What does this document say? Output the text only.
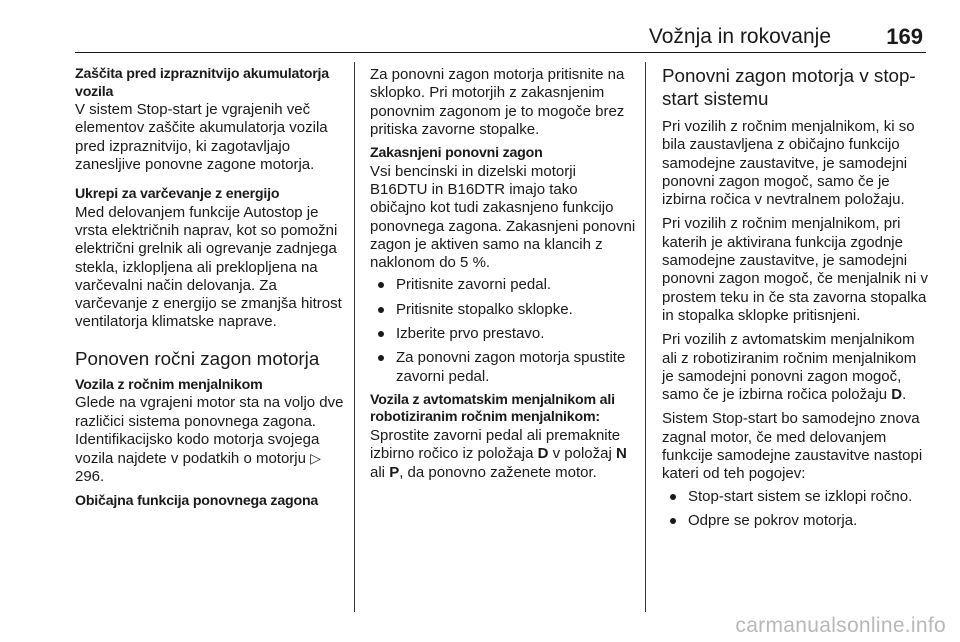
Vožnja in rokovanje	169
Zaščita pred izpraznitvijo akumulatorja vozila

V sistem Stop-start je vgrajenih več elementov zaščite akumulatorja vozila pred izpraznitvijo, ki zagotavljajo zanesljive ponovne zagone motorja.

Ukrepi za varčevanje z energijo

Med delovanjem funkcije Autostop je vrsta električnih naprav, kot so pomožni električni grelnik ali ogrevanje zadnjega stekla, izklopljena ali preklopljena na varčevalni način delovanja. Za varčevanje z energijo se zmanjša hitrost ventilatorja klimatske naprave.

Ponoven ročni zagon motorja
Vozila z ročnim menjalnikom

Glede na vgrajeni motor sta na voljo dve različici sistema ponovnega zagona. Identifikacijsko kodo motorja svojega vozila najdete v podatkih o motorju ▷ 296.

Običajna funkcija ponovnega zagona

Za ponovni zagon motorja pritisnite na sklopko. Pri motorjih z zakasnjenim ponovnim zagonom je to mogoče brez pritiska zavorne stopalke.

Zakasnjeni ponovni zagon

Vsi bencinski in dizelski motorji B16DTU in B16DTR imajo tako običajno kot tudi zakasnjeno funkcijo ponovnega zagona. Zakasnjeni ponovni zagon je aktiven samo na klancih z naklonom do 5 %.

Pritisnite zavorni pedal.
Pritisnite stopalko sklopke.
Izberite prvo prestavo.
Za ponovni zagon motorja spustite zavorni pedal.
Vozila z avtomatskim menjalnikom ali robotiziranim ročnim menjalnikom:

Sprostite zavorni pedal ali premaknite izbirno ročico iz položaja D v položaj N ali P, da ponovno zaženete motor.

Ponovni zagon motorja v stop-start sistemu

Pri vozilih z ročnim menjalnikom, ki so bila zaustavljena z običajno funkcijo samodejne zaustavitve, je samodejni ponovni zagon mogoč, samo če je izbirna ročica v nevtralnem položaju.

Pri vozilih z ročnim menjalnikom, pri katerih je aktivirana funkcija zgodnje samodejne zaustavitve, je samodejni ponovni zagon mogoč, če menjalnik ni v prostem teku in če sta zavorna stopalka in stopalka sklopke pritisnjeni.

Pri vozilih z avtomatskim menjalnikom ali z robotiziranim ročnim menjalnikom je samodejni ponovni zagon mogoč, samo če je izbirna ročica položaju D.

Sistem Stop-start bo samodejno znova zagnal motor, če med delovanjem funkcije samodejne zaustavitve nastopi kateri od teh pogojev:

Stop-start sistem se izklopi ročno.
Odpre se pokrov motorja.
carmanualsonline.info
